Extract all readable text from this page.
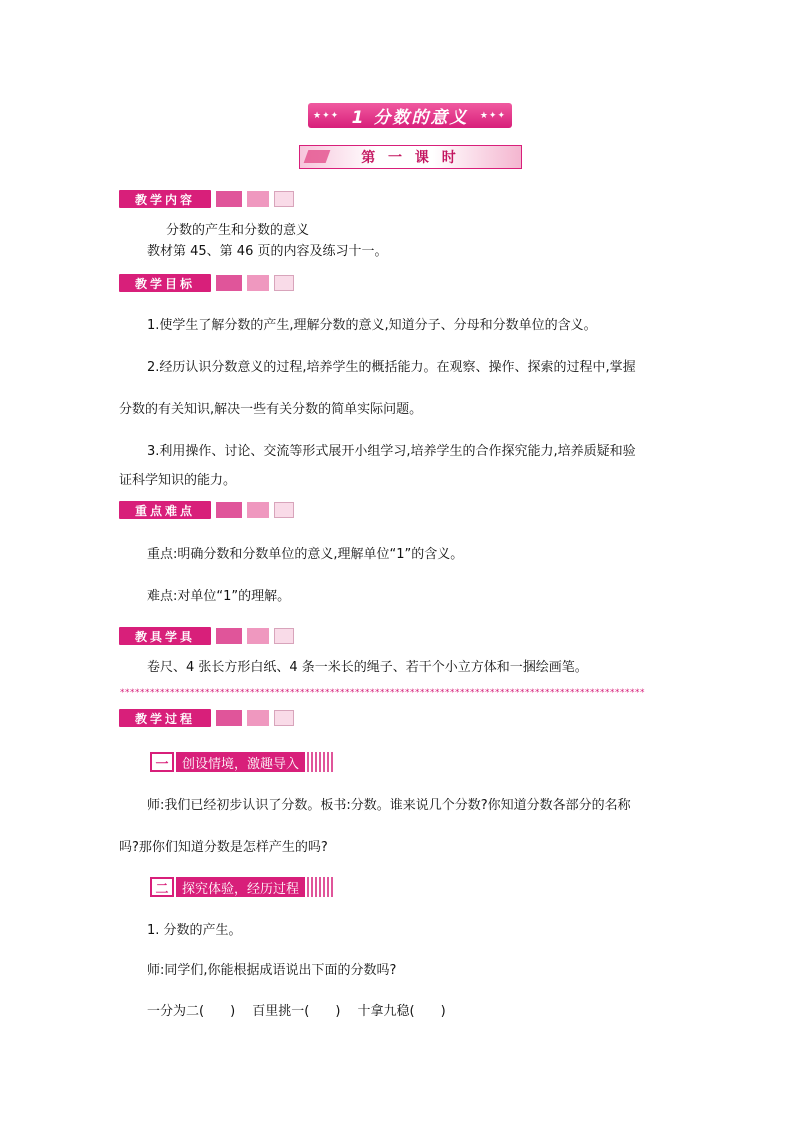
★✦✦ 1 分数的意义 ★✦✦
第 一 课 时
教学内容
分数的产生和分数的意义
教材第 45、第 46 页的内容及练习十一。
教学目标
1.使学生了解分数的产生,理解分数的意义,知道分子、分母和分数单位的含义。
2.经历认识分数意义的过程,培养学生的概括能力。在观察、操作、探索的过程中,掌握
分数的有关知识,解决一些有关分数的简单实际问题。
3.利用操作、讨论、交流等形式展开小组学习,培养学生的合作探究能力,培养质疑和验
证科学知识的能力。
重点难点
重点:明确分数和分数单位的意义,理解单位“1”的含义。
难点:对单位“1”的理解。
教具学具
卷尺、4 张长方形白纸、4 条一米长的绳子、若干个小立方体和一捆绘画笔。
*********************************************************************************************************
教学过程
一	创设情境，激趣导入
师:我们已经初步认识了分数。板书:分数。谁来说几个分数?你知道分数各部分的名称
吗?那你们知道分数是怎样产生的吗?
二	探究体验，经历过程
1. 分数的产生。
师:同学们,你能根据成语说出下面的分数吗?
一分为二(　　)　 百里挑一(　　)　 十拿九稳(　　)
